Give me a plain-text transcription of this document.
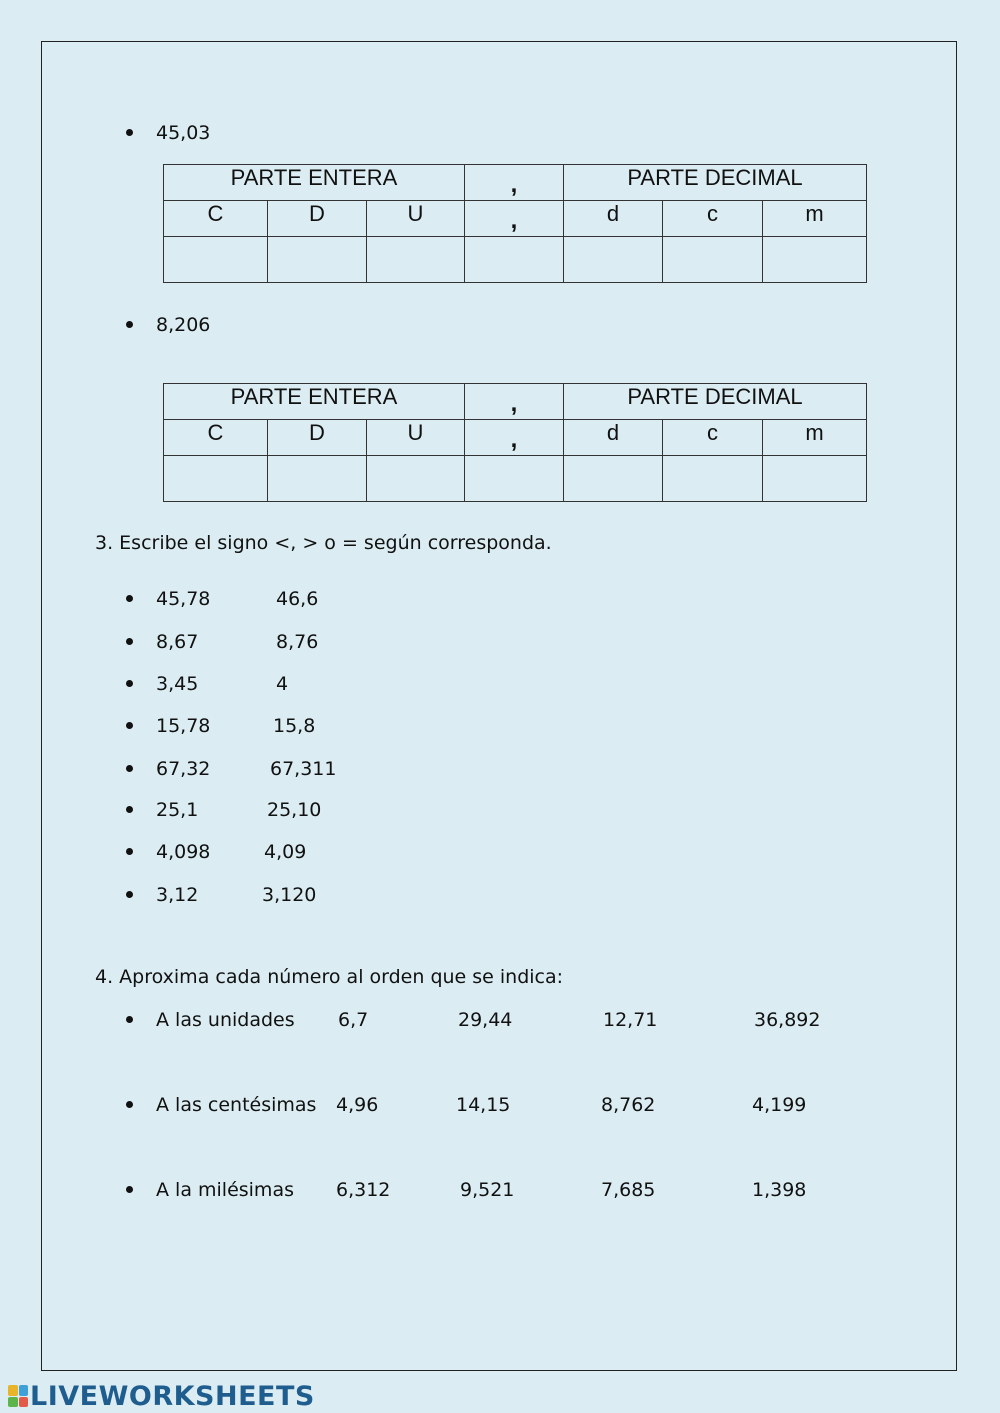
45,03
PARTE ENTERA			,	PARTE DECIMAL		
C	D	U	,	d	c	m

8,206
PARTE ENTERA			,	PARTE DECIMAL		
C	D	U	,	d	c	m

3. Escribe el signo <, > o = según corresponda.
45,78	46,6
8,67	8,76
3,45	4
15,78	15,8
67,32	67,311
25,1	25,10
4,098	4,09
3,12	3,120
4. Aproxima cada número al orden que se indica:
A las unidades 6,7	29,44	12,71	36,892
A las centésimas 4,96	14,15	8,762	4,199
A la milésimas 6,312	9,521	7,685	1,398
LIVEWORKSHEETS
